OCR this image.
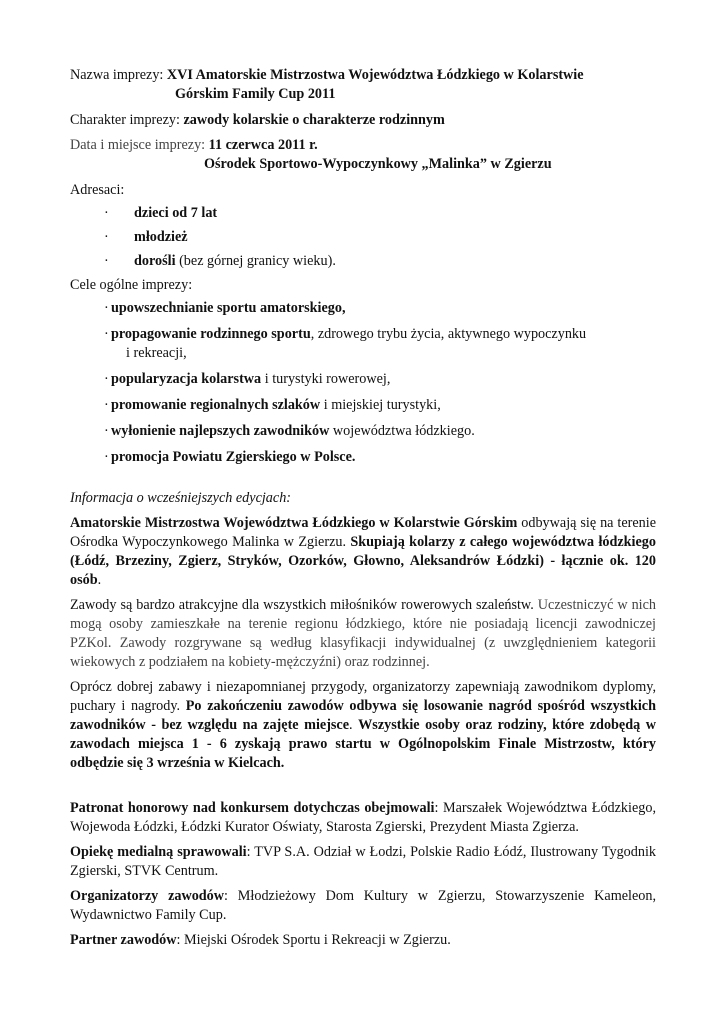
Nazwa imprezy: XVI Amatorskie Mistrzostwa Województwa Łódzkiego w Kolarstwie
Górskim Family Cup 2011
Charakter imprezy: zawody kolarskie o charakterze rodzinnym
Data i miejsce imprezy: 11 czerwca 2011 r.
Ośrodek Sportowo-Wypoczynkowy „Malinka” w Zgierzu
Adresaci:
· dzieci od 7 lat
· młodzież
· dorośli (bez górnej granicy wieku).
Cele ogólne imprezy:
· upowszechnianie sportu amatorskiego,
· propagowanie rodzinnego sportu, zdrowego trybu życia, aktywnego wypoczynku
i rekreacji,
· popularyzacja kolarstwa i turystyki rowerowej,
· promowanie regionalnych szlaków i miejskiej turystyki,
· wyłonienie najlepszych zawodników województwa łódzkiego.
· promocja Powiatu Zgierskiego w Polsce.
Informacja o wcześniejszych edycjach:
Amatorskie Mistrzostwa Województwa Łódzkiego w Kolarstwie Górskim odbywają się na terenie Ośrodka Wypoczynkowego Malinka w Zgierzu. Skupiają kolarzy z całego województwa łódzkiego (Łódź, Brzeziny, Zgierz, Stryków, Ozorków, Głowno, Aleksandrów Łódzki) - łącznie ok. 120 osób.
Zawody są bardzo atrakcyjne dla wszystkich miłośników rowerowych szaleństw. Uczestniczyć w nich mogą osoby zamieszkałe na terenie regionu łódzkiego, które nie posiadają licencji zawodniczej PZKol. Zawody rozgrywane są według klasyfikacji indywidualnej (z uwzględnieniem kategorii wiekowych z podziałem na kobiety-mężczyźni) oraz rodzinnej.
Oprócz dobrej zabawy i niezapomnianej przygody, organizatorzy zapewniają zawodnikom dyplomy, puchary i nagrody. Po zakończeniu zawodów odbywa się losowanie nagród spośród wszystkich zawodników - bez względu na zajęte miejsce. Wszystkie osoby oraz rodziny, które zdobędą w zawodach miejsca 1 - 6 zyskają prawo startu w Ogólnopolskim Finale Mistrzostw, który odbędzie się 3 września w Kielcach.
Patronat honorowy nad konkursem dotychczas obejmowali: Marszałek Województwa Łódzkiego, Wojewoda Łódzki, Łódzki Kurator Oświaty, Starosta Zgierski, Prezydent Miasta Zgierza.
Opiekę medialną sprawowali: TVP S.A. Odział w Łodzi, Polskie Radio Łódź, Ilustrowany Tygodnik Zgierski, STVK Centrum.
Organizatorzy zawodów: Młodzieżowy Dom Kultury w Zgierzu, Stowarzyszenie Kameleon, Wydawnictwo Family Cup.
Partner zawodów: Miejski Ośrodek Sportu i Rekreacji w Zgierzu.
